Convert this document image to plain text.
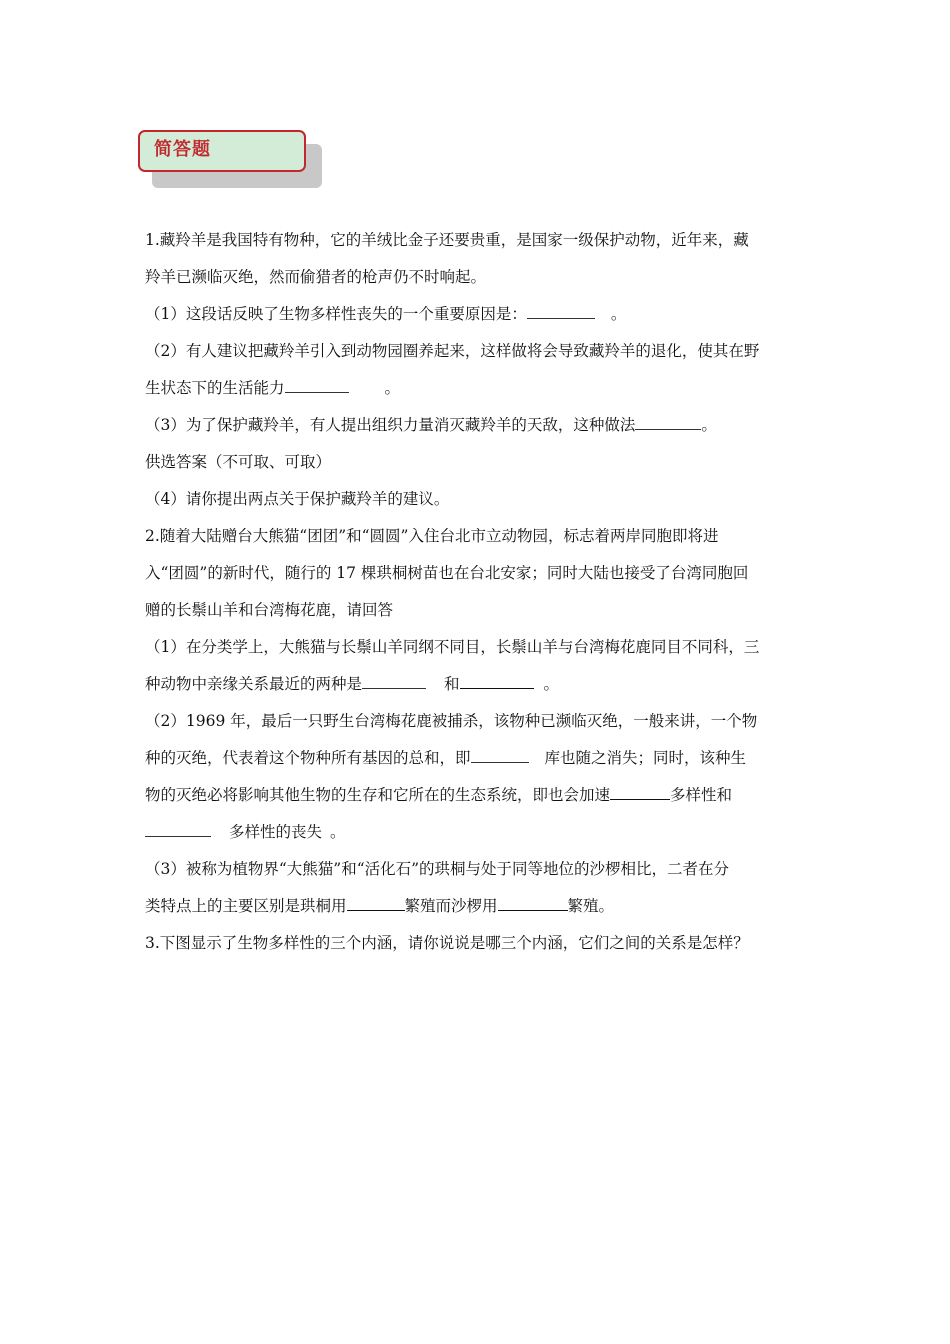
简答题
1.藏羚羊是我国特有物种，它的羊绒比金子还要贵重，是国家一级保护动物，近年来，藏
羚羊已濒临灭绝，然而偷猎者的枪声仍不时响起。
（1）这段话反映了生物多样性丧失的一个重要原因是：	。
（2）有人建议把藏羚羊引入到动物园圈养起来，这样做将会导致藏羚羊的退化，使其在野
生状态下的生活能力	。
（3）为了保护藏羚羊，有人提出组织力量消灭藏羚羊的天敌，这种做法	。
供选答案（不可取、可取）
（4）请你提出两点关于保护藏羚羊的建议。
2.随着大陆赠台大熊猫“团团”和“圆圆”入住台北市立动物园，标志着两岸同胞即将进
入“团圆”的新时代，随行的 17 棵珙桐树苗也在台北安家；同时大陆也接受了台湾同胞回
赠的长鬃山羊和台湾梅花鹿，请回答
（1）在分类学上，大熊猫与长鬃山羊同纲不同目，长鬃山羊与台湾梅花鹿同目不同科，三
种动物中亲缘关系最近的两种是	和	。
（2）1969 年，最后一只野生台湾梅花鹿被捕杀，该物种已濒临灭绝，一般来讲，一个物
种的灭绝，代表着这个物种所有基因的总和，即	库也随之消失；同时，该种生
物的灭绝必将影响其他生物的生存和它所在的生态系统，即也会加速	多样性和
多样性的丧失 。
（3）被称为植物界“大熊猫”和“活化石”的珙桐与处于同等地位的沙椤相比，二者在分
类特点上的主要区别是珙桐用	繁殖而沙椤用	繁殖。
3.下图显示了生物多样性的三个内涵，请你说说是哪三个内涵，它们之间的关系是怎样？
